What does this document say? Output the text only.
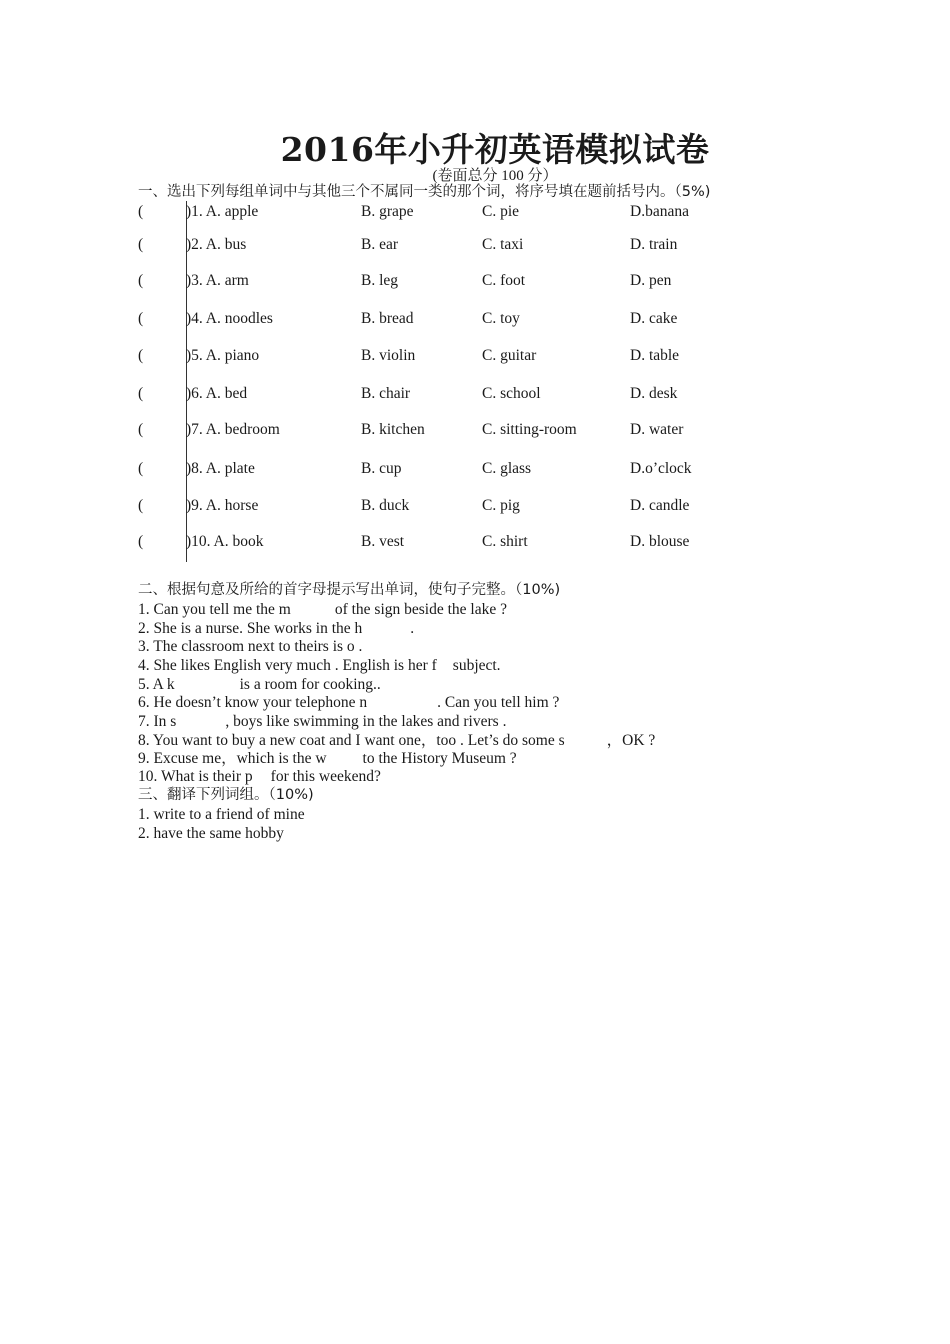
2016年小升初英语模拟试卷
(卷面总分 100 分）
一、选出下列每组单词中与其他三个不属同一类的那个词，将序号填在题前括号内。（5%)
(	)1. A. apple	B. grape	C. pie	D.banana
(	)2. A. bus	B. ear	C. taxi	D. train
(	)3. A. arm	B. leg	C. foot	D. pen
(	)4. A. noodles	B. bread	C. toy	D. cake
(	)5. A. piano	B. violin	C. guitar	D. table
(	)6. A. bed	B. chair	C. school	D. desk
(	)7. A. bedroom	B. kitchen	C. sitting-room	D. water
(	)8. A. plate	B. cup	C. glass	D.o’clock
(	)9. A. horse	B. duck	C. pig	D. candle
(	)10. A. book	B. vest	C. shirt	D. blouse
二、根据句意及所给的首字母提示写出单词，使句子完整。（10%)
1. Can you tell me the m	of the sign beside the lake ?
2. She is a nurse. She works in the h	.
3. The classroom next to theirs is o .
4. She likes English very much . English is her f subject.
5. A k	is a room for cooking..
6. He doesn’t know your telephone n	. Can you tell him ?
7. In s	, boys like swimming in the lakes and rivers .
8. You want to buy a new coat and I want one，too . Let’s do some s	，OK ?
9. Excuse me，which is the w to the History Museum ?
10. What is their p for this weekend?
三、翻译下列词组。（10%)
1. write to a friend of mine
2. have the same hobby
